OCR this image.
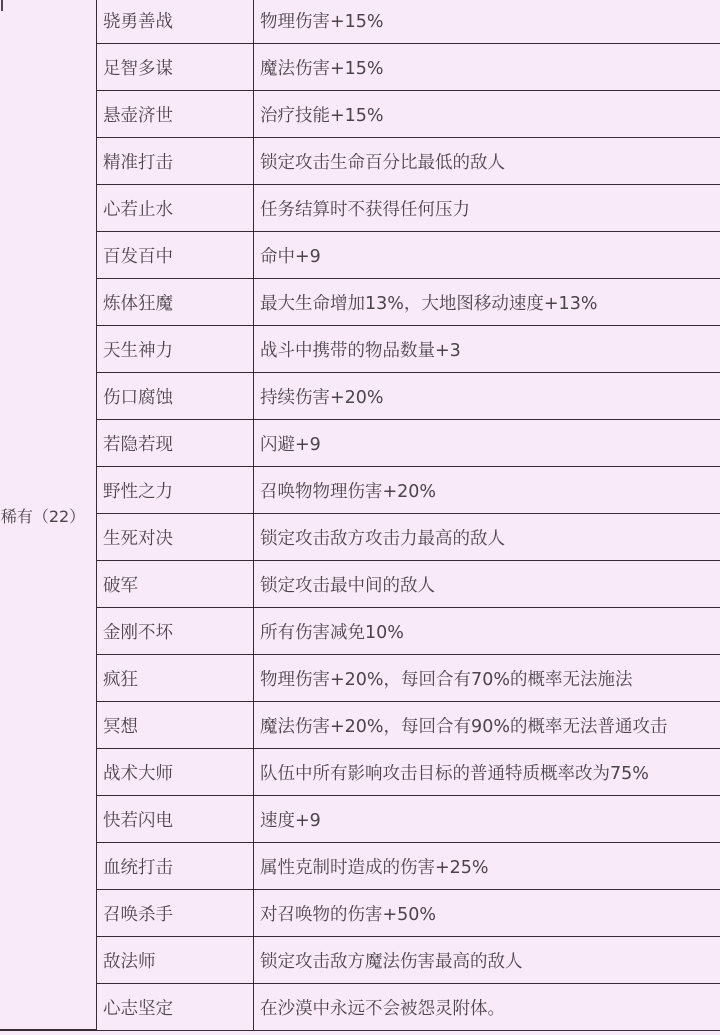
稀有（22）
骁勇善战	物理伤害+15%
足智多谋	魔法伤害+15%
悬壶济世	治疗技能+15%
精准打击	锁定攻击生命百分比最低的敌人
心若止水	任务结算时不获得任何压力
百发百中	命中+9
炼体狂魔	最大生命增加13%，大地图移动速度+13%
天生神力	战斗中携带的物品数量+3
伤口腐蚀	持续伤害+20%
若隐若现	闪避+9
野性之力	召唤物物理伤害+20%
生死对决	锁定攻击敌方攻击力最高的敌人
破军	锁定攻击最中间的敌人
金刚不坏	所有伤害减免10%
疯狂	物理伤害+20%，每回合有70%的概率无法施法
冥想	魔法伤害+20%，每回合有90%的概率无法普通攻击
战术大师	队伍中所有影响攻击目标的普通特质概率改为75%
快若闪电	速度+9
血统打击	属性克制时造成的伤害+25%
召唤杀手	对召唤物的伤害+50%
敌法师	锁定攻击敌方魔法伤害最高的敌人
心志坚定	在沙漠中永远不会被怨灵附体。
